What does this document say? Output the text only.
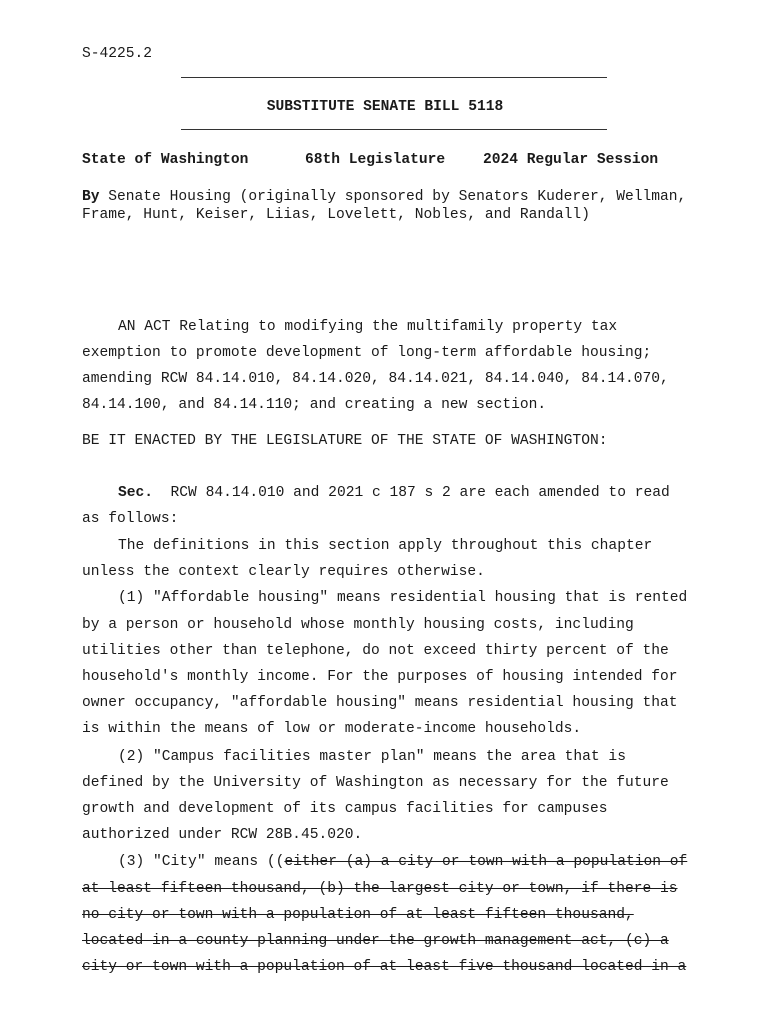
S-4225.2
SUBSTITUTE SENATE BILL 5118
State of Washington	68th Legislature	2024 Regular Session
By Senate Housing (originally sponsored by Senators Kuderer, Wellman,
Frame, Hunt, Keiser, Liias, Lovelett, Nobles, and Randall)
AN ACT Relating to modifying the multifamily property tax
exemption to promote development of long-term affordable housing;
amending RCW 84.14.010, 84.14.020, 84.14.021, 84.14.040, 84.14.070,
84.14.100, and 84.14.110; and creating a new section.
BE IT ENACTED BY THE LEGISLATURE OF THE STATE OF WASHINGTON:
Sec.  RCW 84.14.010 and 2021 c 187 s 2 are each amended to read
as follows:
The definitions in this section apply throughout this chapter
unless the context clearly requires otherwise.
(1) "Affordable housing" means residential housing that is rented
by a person or household whose monthly housing costs, including
utilities other than telephone, do not exceed thirty percent of the
household's monthly income. For the purposes of housing intended for
owner occupancy, "affordable housing" means residential housing that
is within the means of low or moderate-income households.
(2) "Campus facilities master plan" means the area that is
defined by the University of Washington as necessary for the future
growth and development of its campus facilities for campuses
authorized under RCW 28B.45.020.
(3) "City" means ((either (a) a city or town with a population of
at least fifteen thousand, (b) the largest city or town, if there is
no city or town with a population of at least fifteen thousand,
located in a county planning under the growth management act, (c) a
city or town with a population of at least five thousand located in a
